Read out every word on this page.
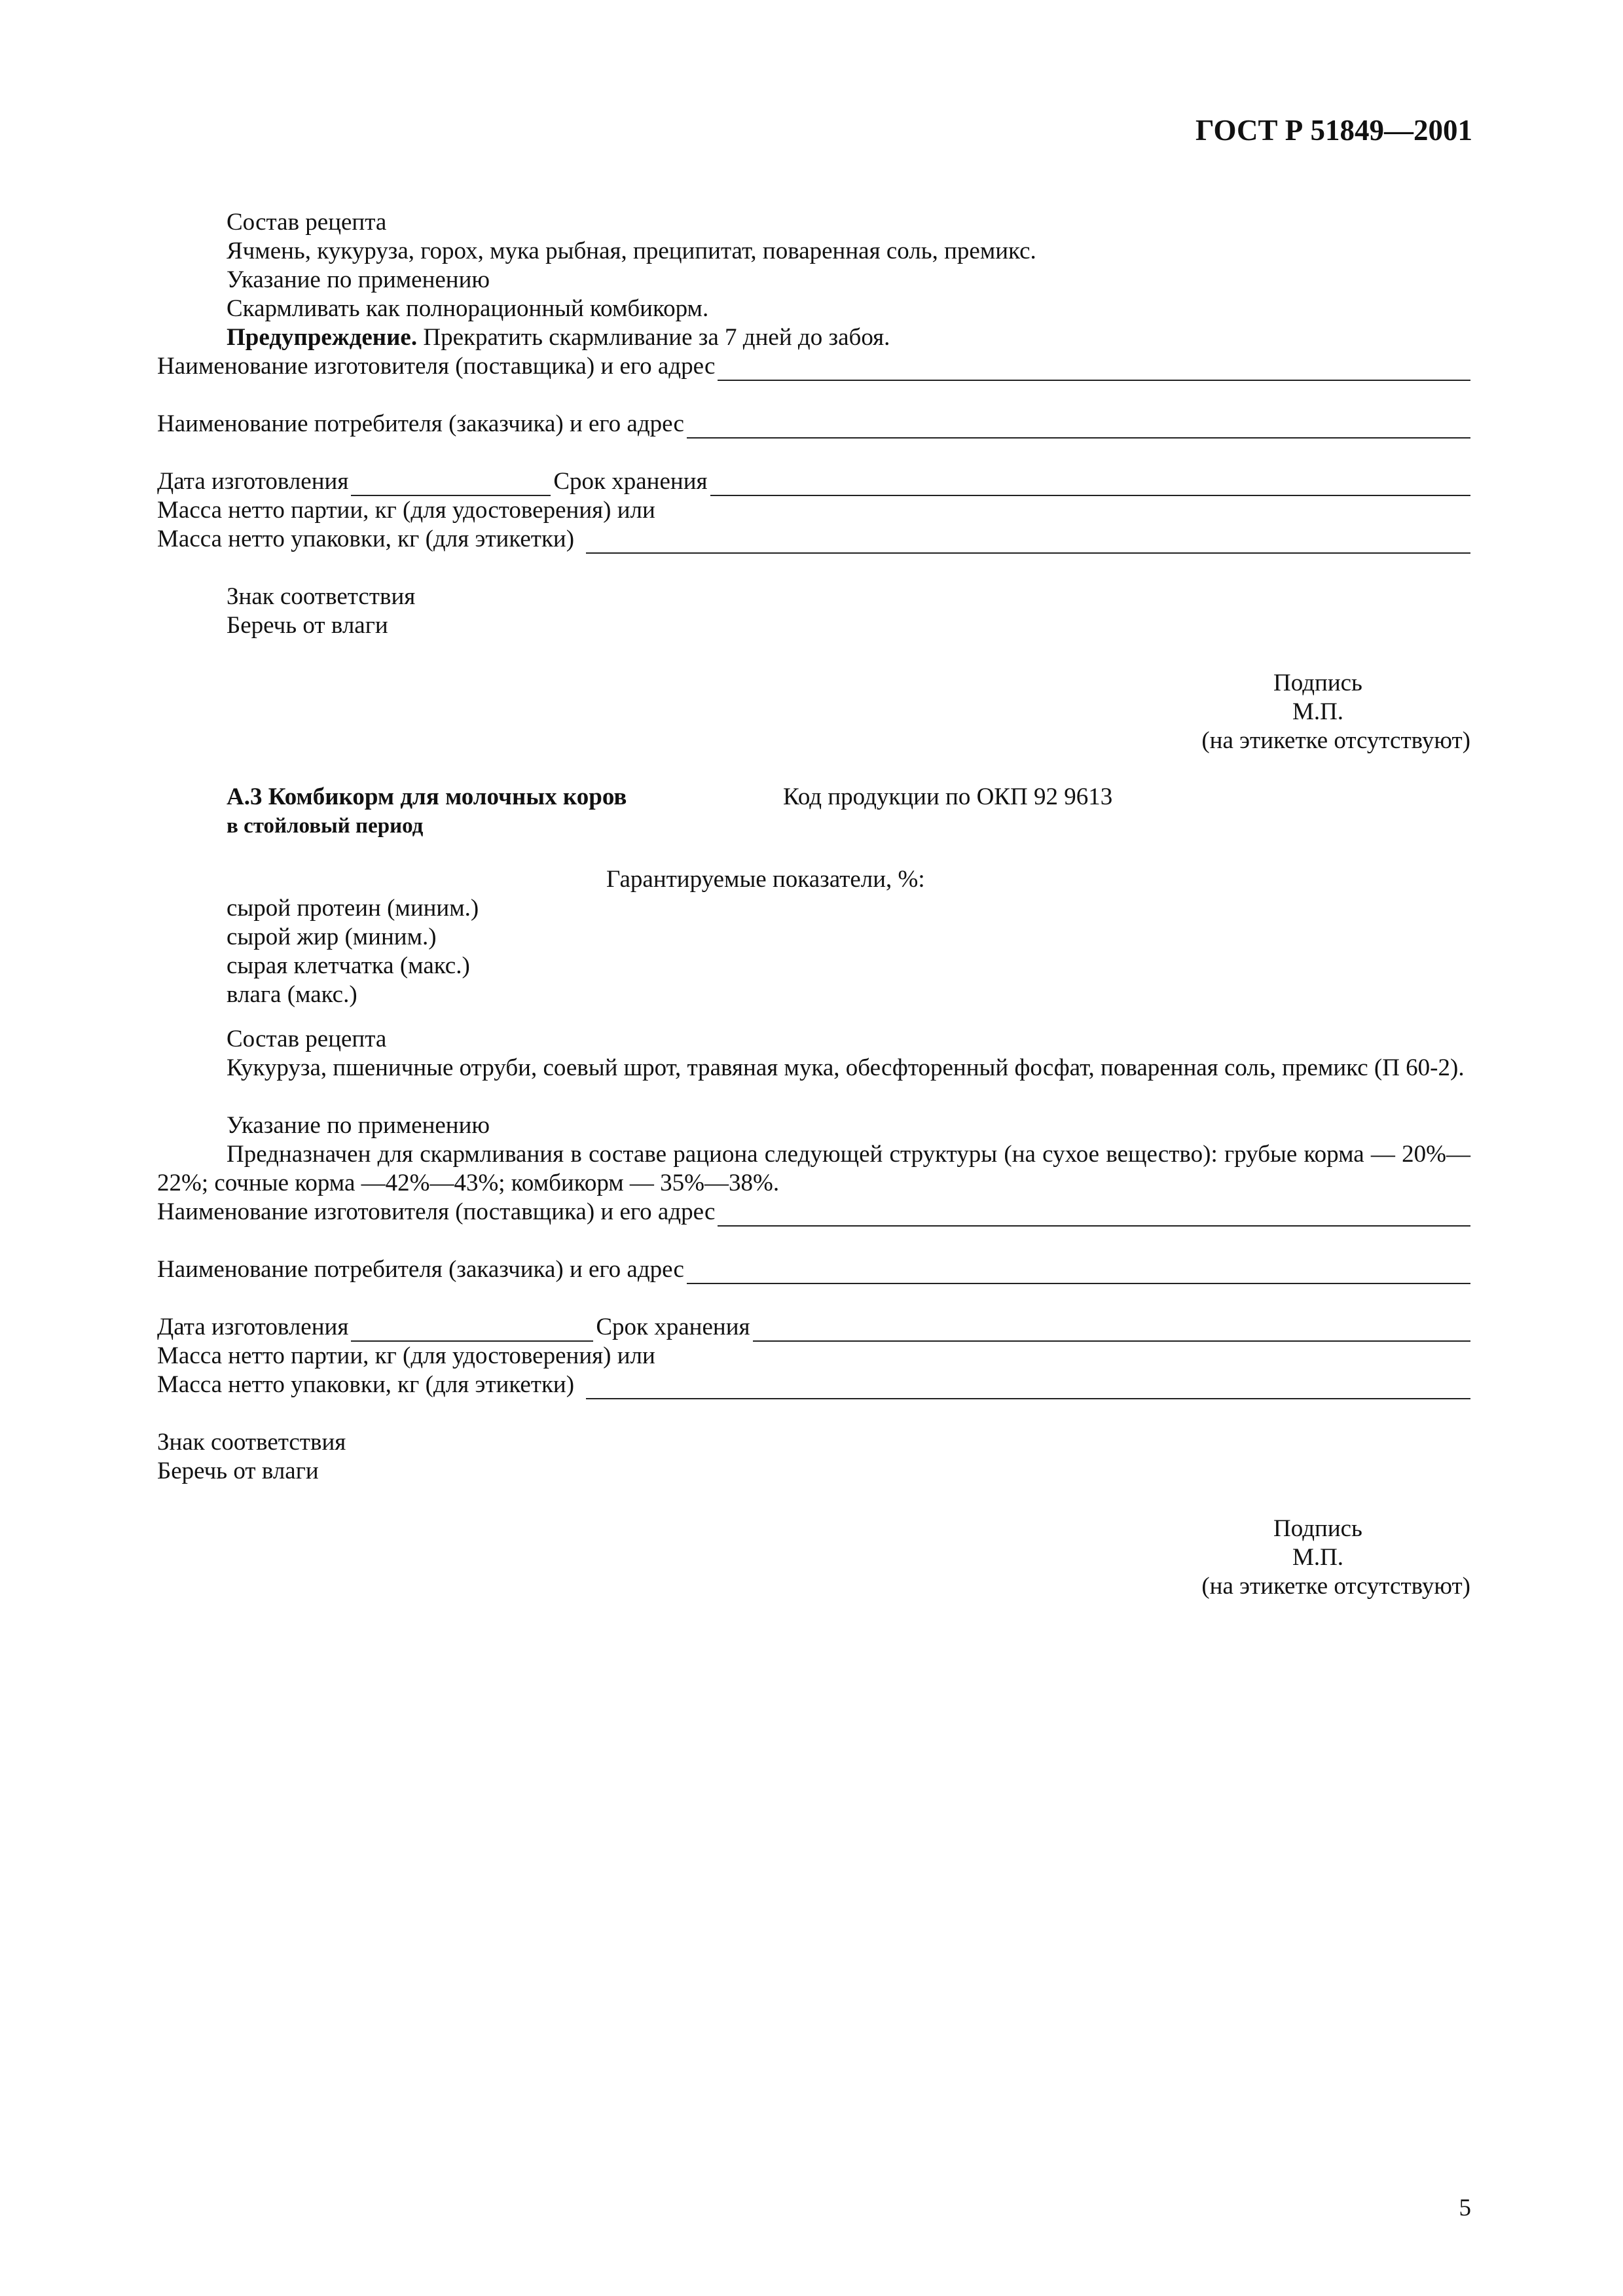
ГОСТ Р 51849—2001
Состав рецепта
Ячмень, кукуруза, горох, мука рыбная, преципитат, поваренная соль, премикс.
Указание по применению
Скармливать как полнорационный комбикорм.
Предупреждение. Прекратить скармливание за 7 дней до забоя.
Наименование изготовителя (поставщика) и его адрес
Наименование потребителя (заказчика) и его адрес
Дата изготовления	Срок хранения
Масса нетто партии, кг (для удостоверения) или
Масса нетто упаковки, кг (для этикетки)
Знак соответствия
Беречь от влаги
Подпись
М.П.
(на этикетке отсутствуют)
А.3 Комбикорм для молочных коров
в стойловый период
Код продукции по ОКП 92 9613
Гарантируемые показатели, %:
сырой протеин (миним.)
сырой жир (миним.)
сырая клетчатка (макс.)
влага (макс.)
Состав рецепта
Кукуруза, пшеничные отруби, соевый шрот, травяная мука, обесфторенный фосфат, поваренная соль, премикс (П 60-2).
Указание по применению
Предназначен для скармливания в составе рациона следующей структуры (на сухое вещество): грубые корма — 20%—22%; сочные корма —42%—43%; комбикорм — 35%—38%.
Наименование изготовителя (поставщика) и его адрес
Наименование потребителя (заказчика) и его адрес
Дата изготовления	Срок хранения
Масса нетто партии, кг (для удостоверения) или
Масса нетто упаковки, кг (для этикетки)
Знак соответствия
Беречь от влаги
Подпись
М.П.
(на этикетке отсутствуют)
5
